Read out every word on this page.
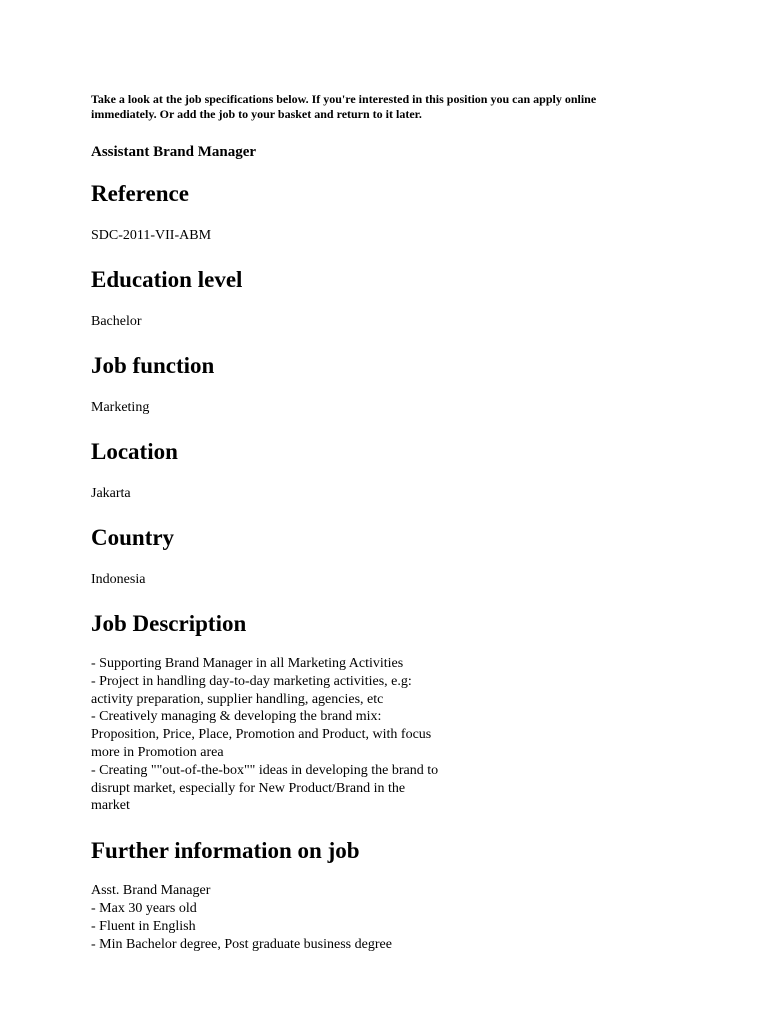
Take a look at the job specifications below. If you're interested in this position you can apply online immediately. Or add the job to your basket and return to it later.

Assistant Brand Manager

Reference

SDC-2011-VII-ABM

Education level

Bachelor

Job function

Marketing

Location

Jakarta

Country

Indonesia

Job Description
- Supporting Brand Manager in all Marketing Activities
- Project in handling day-to-day marketing activities, e.g:
activity preparation, supplier handling, agencies, etc
- Creatively managing & developing the brand mix:
Proposition, Price, Place, Promotion and Product, with focus
more in Promotion area
- Creating ""out-of-the-box"" ideas in developing the brand to
disrupt market, especially for New Product/Brand in the
market
Further information on job
Asst. Brand Manager
- Max 30 years old
- Fluent in English
- Min Bachelor degree, Post graduate business degree
